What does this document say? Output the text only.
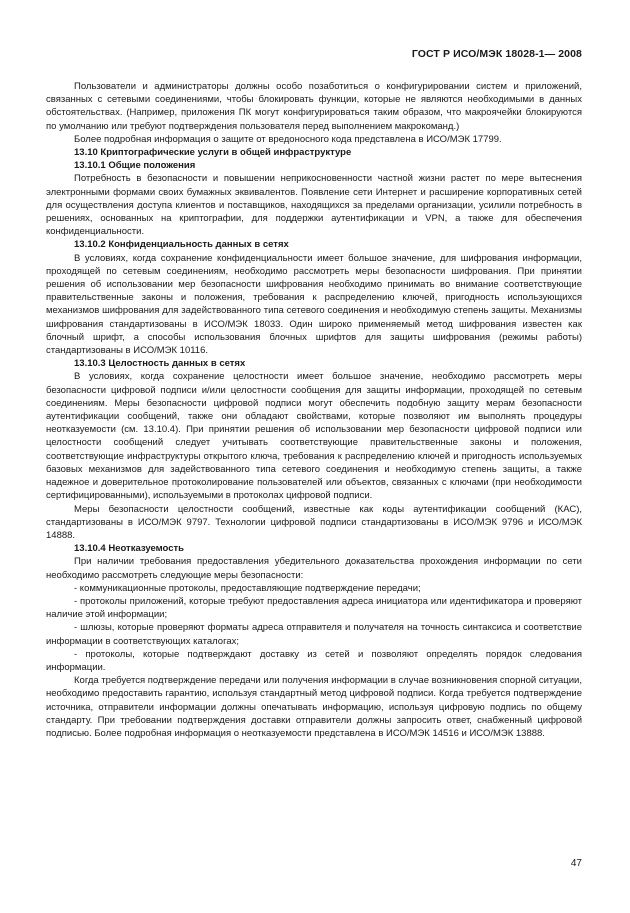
ГОСТ Р ИСО/МЭК 18028-1— 2008

Пользователи и администраторы должны особо позаботиться о конфигурировании систем и приложений, связанных с сетевыми соединениями, чтобы блокировать функции, которые не являются необходимыми в данных обстоятельствах. (Например, приложения ПК могут конфигурироваться таким образом, что макроячейки блокируются по умолчанию или требуют подтверждения пользователя перед выполнением макрокоманд.)

Более подробная информация о защите от вредоносного кода представлена в ИСО/МЭК 17799.

13.10 Криптографические услуги в общей инфраструктуре

13.10.1 Общие положения

Потребность в безопасности и повышении неприкосновенности частной жизни растет по мере вытеснения электронными формами своих бумажных эквивалентов. Появление сети Интернет и расширение корпоративных сетей для осуществления доступа клиентов и поставщиков, находящихся за пределами организации, усилили потребность в решениях, основанных на криптографии, для поддержки аутентификации и VPN, а также для обеспечения конфиденциальности.

13.10.2 Конфиденциальность данных в сетях

В условиях, когда сохранение конфиденциальности имеет большое значение, для шифрования информации, проходящей по сетевым соединениям, необходимо рассмотреть меры безопасности шифрования. При принятии решения об использовании мер безопасности шифрования необходимо принимать во внимание соответствующие правительственные законы и положения, требования к распределению ключей, пригодность использующихся механизмов шифрования для задействованного типа сетевого соединения и необходимую степень защиты. Механизмы шифрования стандартизованы в ИСО/МЭК 18033. Один широко применяемый метод шифрования известен как блочный шрифт, а способы использования блочных шрифтов для защиты шифрования (режимы работы) стандартизованы в ИСО/МЭК 10116.

13.10.3 Целостность данных в сетях

В условиях, когда сохранение целостности имеет большое значение, необходимо рассмотреть меры безопасности цифровой подписи и/или целостности сообщения для защиты информации, проходящей по сетевым соединениям. Меры безопасности цифровой подписи могут обеспечить подобную защиту мерам безопасности аутентификации сообщений, также они обладают свойствами, которые позволяют им выполнять процедуры неотказуемости (см. 13.10.4). При принятии решения об использовании мер безопасности цифровой подписи или целостности сообщений следует учитывать соответствующие правительственные законы и положения, соответствующие инфраструктуры открытого ключа, требования к распределению ключей и пригодность используемых базовых механизмов для задействованного типа сетевого соединения и необходимую степень защиты, а также надежное и доверительное протоколирование пользователей или объектов, связанных с ключами (при необходимости сертифицированными), используемыми в протоколах цифровой подписи.

Меры безопасности целостности сообщений, известные как коды аутентификации сообщений (КАС), стандартизованы в ИСО/МЭК 9797. Технологии цифровой подписи стандартизованы в ИСО/МЭК 9796 и ИСО/МЭК 14888.

13.10.4 Неотказуемость

При наличии требования предоставления убедительного доказательства прохождения информации по сети необходимо рассмотреть следующие меры безопасности:

- коммуникационные протоколы, предоставляющие подтверждение передачи;

- протоколы приложений, которые требуют предоставления адреса инициатора или идентификатора и проверяют наличие этой информации;

- шлюзы, которые проверяют форматы адреса отправителя и получателя на точность синтаксиса и соответствие информации в соответствующих каталогах;

- протоколы, которые подтверждают доставку из сетей и позволяют определять порядок следования информации.

Когда требуется подтверждение передачи или получения информации в случае возникновения спорной ситуации, необходимо предоставить гарантию, используя стандартный метод цифровой подписи. Когда требуется подтверждение источника, отправители информации должны опечатывать информацию, используя цифровую подпись по общему стандарту. При требовании подтверждения доставки отправители должны запросить ответ, снабженный цифровой подписью. Более подробная информация о неотказуемости представлена в ИСО/МЭК 14516 и ИСО/МЭК 13888.

47
